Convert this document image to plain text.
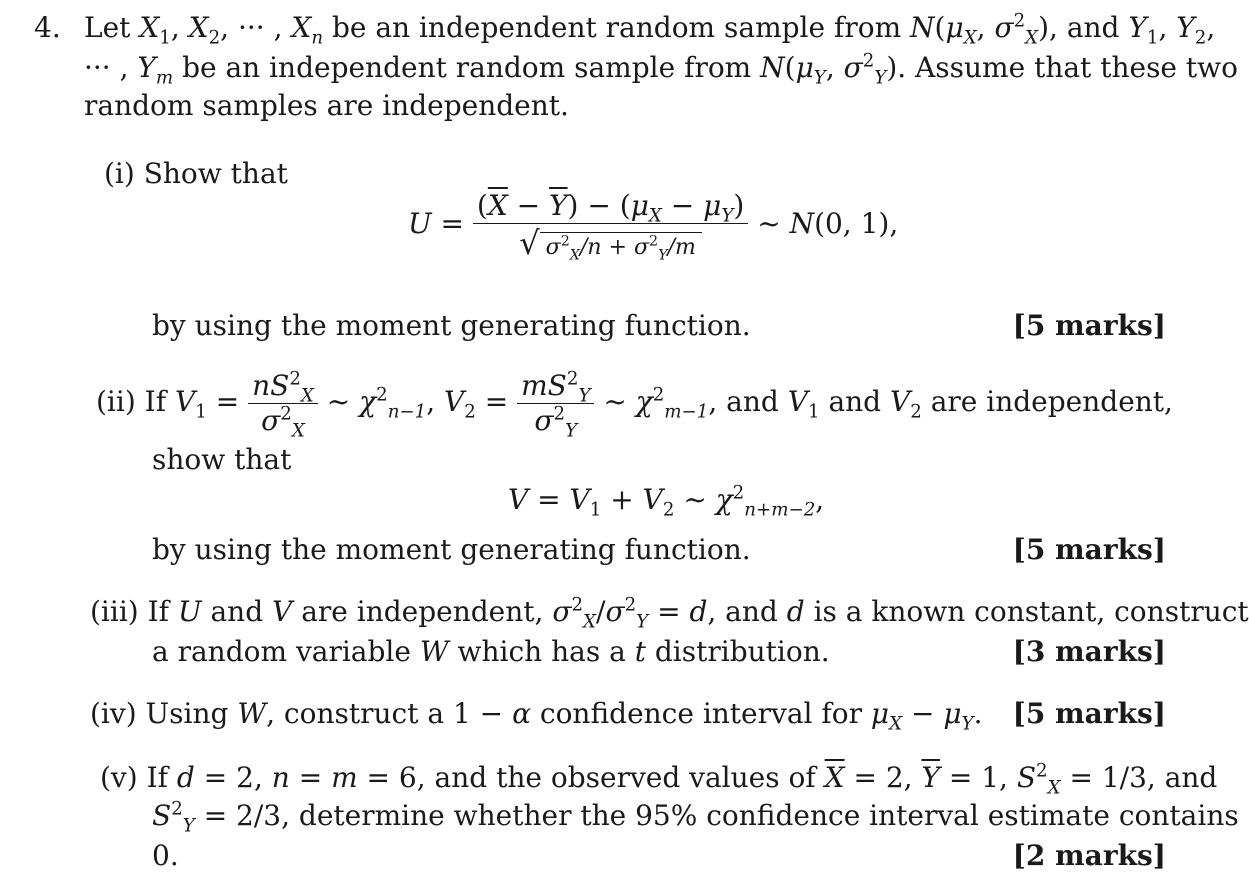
4. Let $X_1$, $X_2$, ··· , $X_n$ be an independent random sample from $N(\mu_X$, $\sigma^2_X$), and $Y_1$, $Y_2$,
··· , $Y_m$ be an independent random sample from $N(\mu_Y$, $\sigma^2_Y$). Assume that these two
random samples are independent.
(i) Show that
$U = \frac{(\overline{X} - \overline{Y}) - (\mu_X - \mu_Y)}{√ \sigma^2_X/n + \sigma^2_Y/m}$ ~ N(0, 1),
by using the moment generating function.	[5 marks]
(ii) If $V_1 = \frac{nS^2_X}{\sigma^2_X}$ ~ $\chi^2_{n-1}$, $V_2 = \frac{mS^2_Y}{\sigma^2_Y}$ ~ $\chi^2_{m-1}$, and $V_1$ and $V_2$ are independent,
show that
$V = V_1 + V_2$ ~ $\chi^2_{n+m-2}$,
by using the moment generating function.	[5 marks]
(iii) If U and V are independent, $\sigma^2_X/\sigma^2_Y = d$, and d is a known constant, construct
a random variable W which has a t distribution.	[3 marks]
(iv) Using W, construct a 1 − α confidence interval for $\mu_X - \mu_Y$. [5 marks]
(v) If d = 2, n = m = 6, and the observed values of $\overline{X} = 2$, $\overline{Y} = 1$, $S^2_X = 1/3$, and
$S^2_Y = 2/3$, determine whether the 95% confidence interval estimate contains
0.	[2 marks]
